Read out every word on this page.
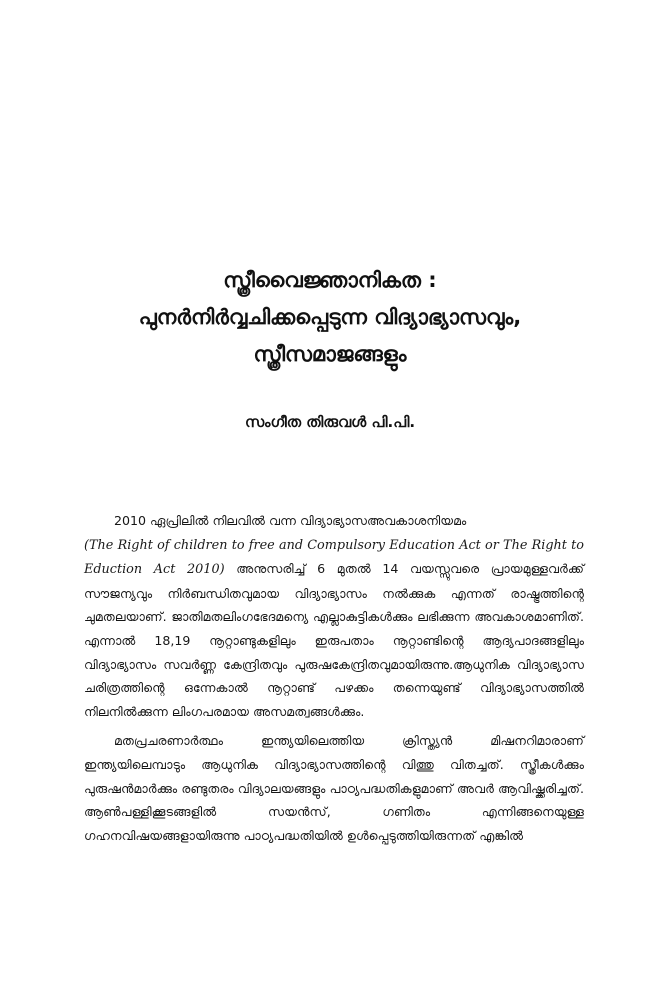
സ്ത്രീവൈജ്ഞാനികത :
പുനർനിർവ്വചിക്കപ്പെടുന്ന വിദ്യാഭ്യാസവും,
സ്ത്രീസമാജങ്ങളും
സംഗീത തിരുവൾ പി.പി.

2010 ഏപ്രിലിൽ നിലവിൽ വന്ന വിദ്യാഭ്യാസഅവകാശനിയമം
(The Right of children to free and Compulsory Education Act or The Right to Eduction Act 2010) അനുസരിച്ച് 6 മുതൽ 14 വയസ്സുവരെ പ്രായമുള്ളവർക്ക് സൗജന്യവും നിർബന്ധിതവുമായ വിദ്യാഭ്യാസം നൽക്കുക എന്നത് രാഷ്ട്രത്തിന്റെ ചുമതലയാണ്. ജാതിമതലിംഗഭേദമന്യെ എല്ലാകുട്ടികൾക്കും ലഭിക്കുന്ന അവകാശമാണിത്. എന്നാൽ 18,19 നൂറ്റാണ്ടുകളിലും ഇരുപതാം നൂറ്റാണ്ടിന്റെ ആദ്യപാദങ്ങളിലും വിദ്യാഭ്യാസം സവർണ്ണ കേന്ദ്രിതവും പുരുഷകേന്ദ്രിതവുമായിരുന്നു.ആധുനിക വിദ്യാഭ്യാസ ചരിത്രത്തിന്റെ ഒന്നേകാൽ നൂറ്റാണ്ട് പഴക്കം തന്നെയുണ്ട് വിദ്യാഭ്യാസത്തിൽ നിലനിൽക്കുന്ന ലിംഗപരമായ അസമത്വങ്ങൾക്കും.

മതപ്രചരണാർത്ഥം ഇന്ത്യയിലെത്തിയ ക്രിസ്ത്യൻ മിഷനറിമാരാണ് ഇന്ത്യയിലെമ്പാടും ആധുനിക വിദ്യാഭ്യാസത്തിന്റെ വിത്തു വിതച്ചത്. സ്ത്രീകൾക്കും പുരുഷൻമാർക്കും രണ്ടുതരം വിദ്യാലയങ്ങളും പാഠ്യപദ്ധതികളുമാണ് അവർ ആവിഷ്ക്കരിച്ചത്. ആൺപള്ളിക്കൂടങ്ങളിൽ സയൻസ്, ഗണിതം എന്നിങ്ങനെയുള്ള ഗഹനവിഷയങ്ങളായിരുന്നു പാഠ്യപദ്ധതിയിൽ ഉൾപ്പെടുത്തിയിരുന്നത് എങ്കിൽ
